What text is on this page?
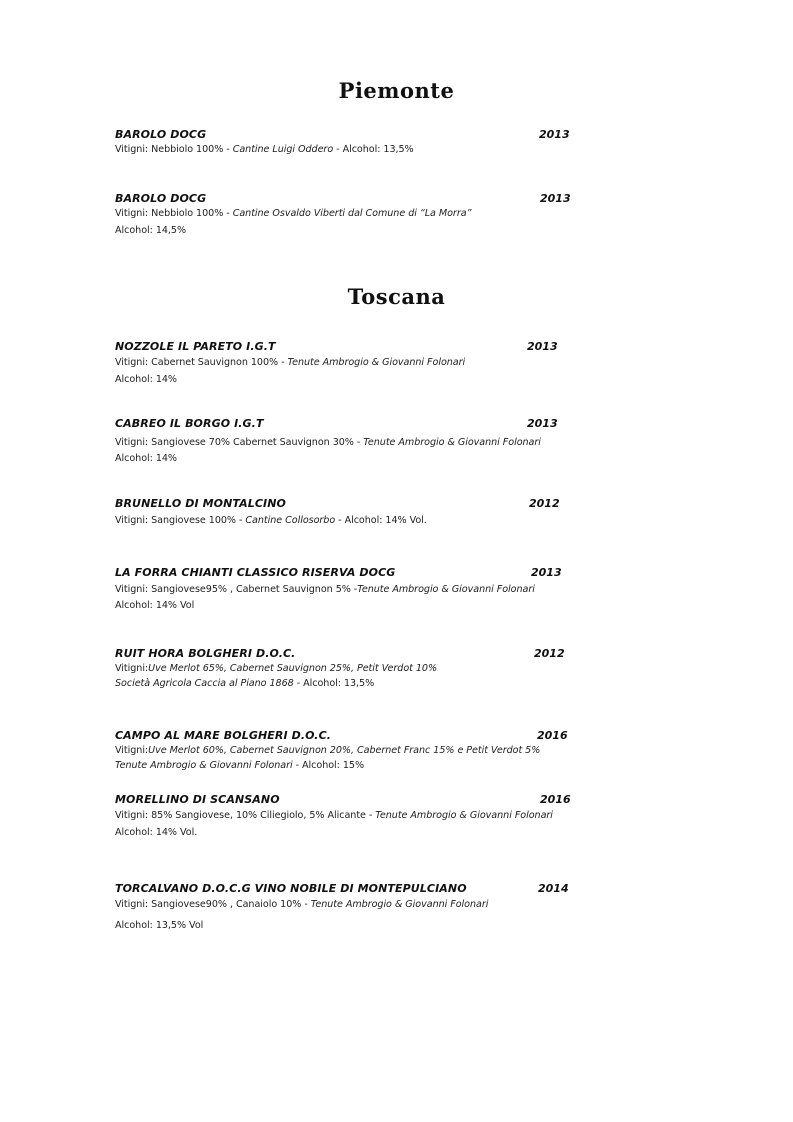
Piemonte
BAROLO DOCG	2013
Vitigni: Nebbiolo 100% - Cantine Luigi Oddero - Alcohol: 13,5%
BAROLO DOCG	2013
Vitigni: Nebbiolo 100% - Cantine Osvaldo Viberti dal Comune di “La Morra”
Alcohol: 14,5%
Toscana
NOZZOLE IL PARETO I.G.T	2013
Vitigni: Cabernet Sauvignon 100% - Tenute Ambrogio & Giovanni Folonari
Alcohol: 14%
CABREO IL BORGO I.G.T	2013
Vitigni: Sangiovese 70% Cabernet Sauvignon 30% - Tenute Ambrogio & Giovanni Folonari
Alcohol: 14%
BRUNELLO DI MONTALCINO	2012
Vitigni: Sangiovese 100% - Cantine Collosorbo - Alcohol: 14% Vol.
LA FORRA CHIANTI CLASSICO RISERVA DOCG	2013
Vitigni: Sangiovese95% , Cabernet Sauvignon 5% -Tenute Ambrogio & Giovanni Folonari
Alcohol: 14% Vol
RUIT HORA BOLGHERI D.O.C.	2012
Vitigni:Uve Merlot 65%, Cabernet Sauvignon 25%, Petit Verdot 10%
Società Agricola Caccia al Piano 1868 - Alcohol: 13,5%
CAMPO AL MARE BOLGHERI D.O.C.	2016
Vitigni:Uve Merlot 60%, Cabernet Sauvignon 20%, Cabernet Franc 15% e Petit Verdot 5%
Tenute Ambrogio & Giovanni Folonari - Alcohol: 15%
MORELLINO DI SCANSANO	2016
Vitigni: 85% Sangiovese, 10% Ciliegiolo, 5% Alicante - Tenute Ambrogio & Giovanni Folonari
Alcohol: 14% Vol.
TORCALVANO D.O.C.G VINO NOBILE DI MONTEPULCIANO	2014
Vitigni: Sangiovese90% , Canaiolo 10% - Tenute Ambrogio & Giovanni Folonari
Alcohol: 13,5% Vol
